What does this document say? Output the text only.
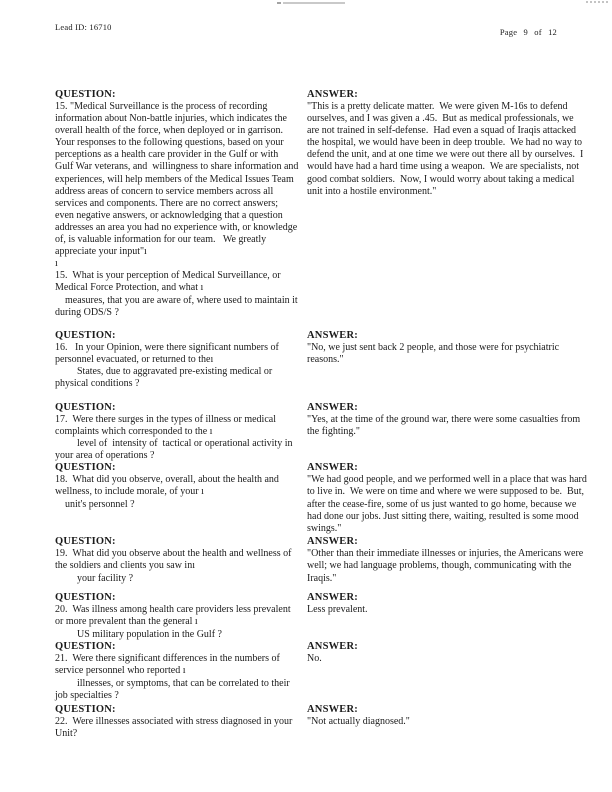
Lead ID: 16710	Page 9 of 12
QUESTION:

15. "Medical Surveillance is the process of recording information about Non-battle injuries, which indicates the overall health of the force, when deployed or in garrison.   Your responses to the following questions, based on your perceptions as a health care provider in the Gulf or with Gulf War veterans, and  willingness to share information and experiences, will help members of the Medical Issues Team address areas of concern to service members across all services and components. There are no correct answers;  even negative answers, or acknowledging that a question addresses an area you had no experience with, or knowledge of, is valuable information for our team.   We greatly appreciate your input"ı

ı

15.  What is your perception of Medical Surveillance, or Medical Force Protection, and what ı

measures, that you are aware of, where used to maintain it during ODS/S ?

ANSWER:

"This is a pretty delicate matter.  We were given M-16s to defend ourselves, and I was given a .45.  But as medical professionals, we are not trained in self-defense.  Had even a squad of Iraqis attacked the hospital, we would have been in deep trouble.  We had no way to defend the unit, and at one time we were out there all by ourselves.  I would have had a hard time using a weapon.  We are specialists, not good combat soldiers.  Now, I would worry about taking a medical unit into a hostile environment."

QUESTION:

16.   In your Opinion, were there significant numbers of personnel evacuated, or returned to theı

States, due to aggravated pre-existing medical or physical conditions ?

ANSWER:

"No, we just sent back 2 people, and those were for psychiatric reasons."

QUESTION:

17.  Were there surges in the types of illness or medical complaints which corresponded to the ı

level of  intensity of  tactical or operational activity in your area of operations ?

ANSWER:

"Yes, at the time of the ground war, there were some casualties from the fighting."

QUESTION:

18.  What did you observe, overall, about the health and wellness, to include morale, of your ı

unit's personnel ?

ANSWER:

"We had good people, and we performed well in a place that was hard to live in.  We were on time and where we were supposed to be.  But, after the cease-fire, some of us just wanted to go home, because we had done our jobs. Just sitting there, waiting, resulted is some mood swings."

QUESTION:

19.  What did you observe about the health and wellness of the soldiers and clients you saw inı

your facility ?

ANSWER:

"Other than their immediate illnesses or injuries, the Americans were well; we had language problems, though, communicating with the Iraqis."

QUESTION:

20.  Was illness among health care providers less prevalent or more prevalent than the general ı

US military population in the Gulf ?

ANSWER:

Less prevalent.

QUESTION:

21.  Were there significant differences in the numbers of service personnel who reported ı

illnesses, or symptoms, that can be correlated to their job specialties ?

ANSWER:

No.

QUESTION:

22.  Were illnesses associated with stress diagnosed in your Unit?

ANSWER:

"Not actually diagnosed."
